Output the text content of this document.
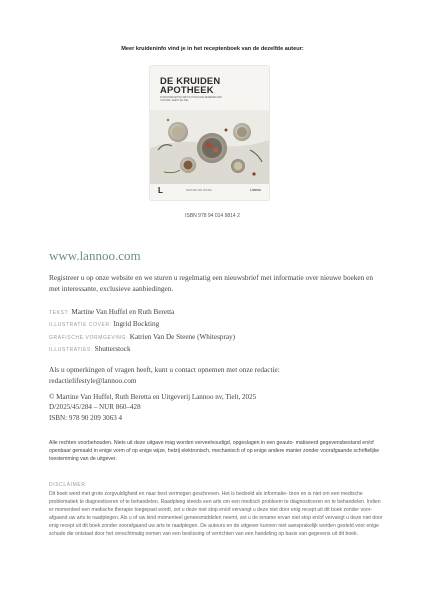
Meer kruideninfo vind je in het receptenboek van de dezelfde auteur:
DE KRUIDEN
APOTHEEK
25 BASISRECEPTEN MET NATUURLIJKE REMEDIES MET LICHAAM, GEEST EN ZIEL
L	MARTINE VAN HUFFEL	Lannoo
ISBN 978 94 014 9814 2
www.lannoo.com
Registreer u op onze website en we sturen u regelmatig een nieuwsbrief met informatie over nieuwe boeken en met interessante, exclusieve aanbiedingen.
TEKST: Martine Van Huffel en Ruth Beretta
ILLUSTRATIE COVER: Ingrid Bockting
GRAFISCHE VORMGEVING: Katrien Van De Steene (Whitespray)
ILLUSTRATIES: Shutterstock
Als u opmerkingen of vragen heeft, kunt u contact opnemen met onze redactie:
redactielifestyle@lannoo.com
© Martine Van Huffel, Ruth Beretta en Uitgeverij Lannoo nv, Tielt, 2025
D/2025/45/284 – NUR 860–428
ISBN: 978 90 209 3063 4
Alle rechten voorbehouden. Niets uit deze uitgave mag worden verveelvoudigd, opgeslagen in een geauto- matiseerd gegevensbestand en/of openbaar gemaakt in enige vorm of op enige wijze, hetzij elektronisch, mechanisch of op enige andere manier zonder voorafgaande schriftelijke toestemming van de uitgever.
DISCLAIMER
Dit boek werd met grote zorgvuldigheid en naar best vermogen geschreven. Het is bedoeld als informatie- bron en is niet om een medische problematiek te diagnosticeren of te behandelen. Raadpleeg steeds een arts om een medisch probleem te diagnosticeren en te behandelen. Indien er momenteel een medische therapie toegepast wordt, zet u deze niet stop en/of vervangt u deze niet door enig recept uit dit boek zonder voor- afgaand uw arts te raadplegen. Als u of uw kind momenteel geneesmiddelen neemt, zet u de inname ervan niet stop en/of vervangt u deze niet door enig recept uit dit boek zonder voorafgaand uw arts te raadplegen. De auteurs en de uitgever kunnen niet aansprakelijk worden gesteld voor enige schade die ontstaat door het onrechtmatig nemen van een beslissing of verrichten van een handeling op basis van gegevens uit dit boek.
